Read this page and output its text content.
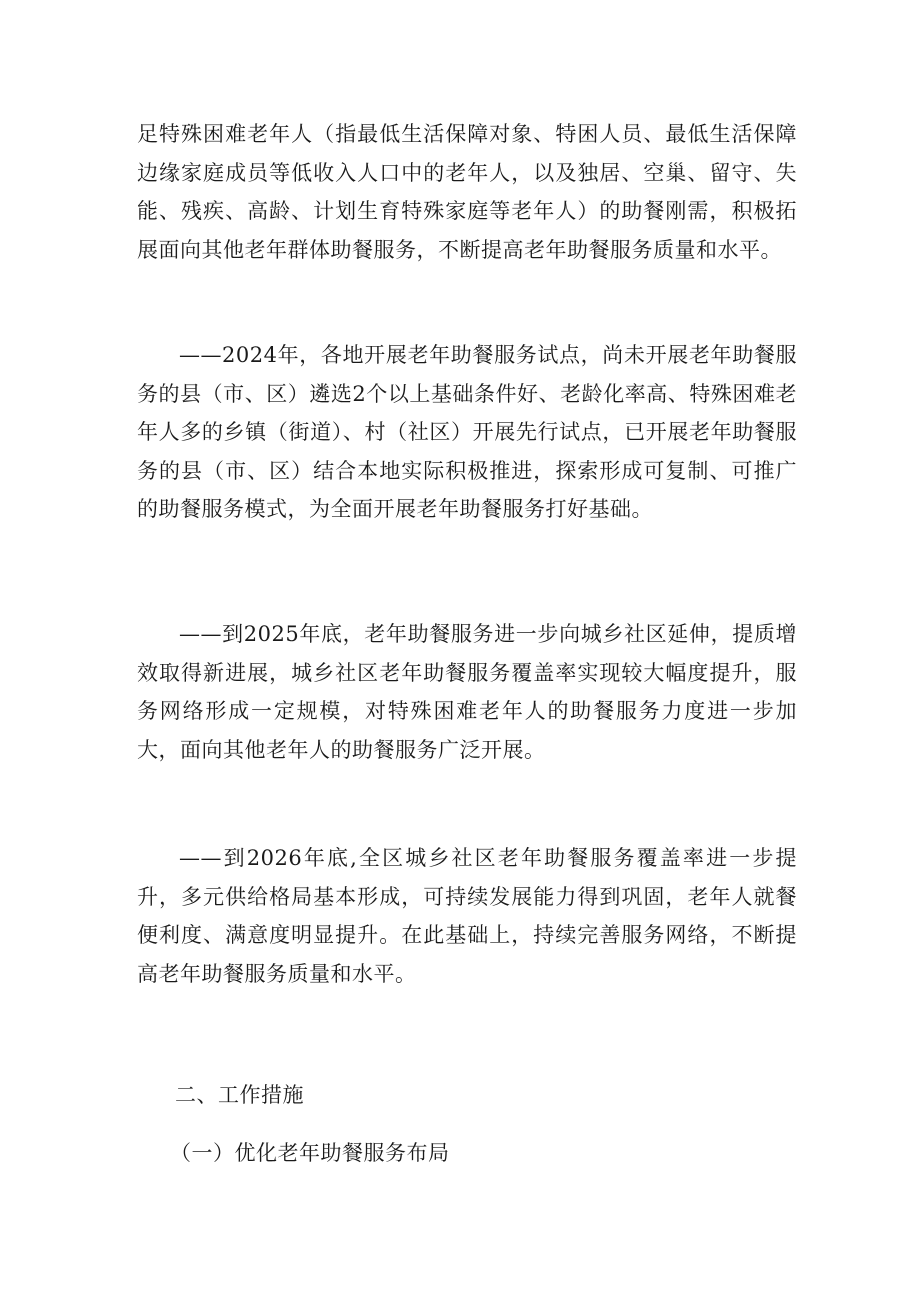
足特殊困难老年人（指最低生活保障对象、特困人员、最低生活保障边缘家庭成员等低收入人口中的老年人，以及独居、空巢、留守、失能、残疾、高龄、计划生育特殊家庭等老年人）的助餐刚需，积极拓展面向其他老年群体助餐服务，不断提高老年助餐服务质量和水平。

——2024年，各地开展老年助餐服务试点，尚未开展老年助餐服务的县（市、区）遴选2个以上基础条件好、老龄化率高、特殊困难老年人多的乡镇（街道）、村（社区）开展先行试点，已开展老年助餐服务的县（市、区）结合本地实际积极推进，探索形成可复制、可推广的助餐服务模式，为全面开展老年助餐服务打好基础。

——到2025年底，老年助餐服务进一步向城乡社区延伸，提质增效取得新进展，城乡社区老年助餐服务覆盖率实现较大幅度提升，服务网络形成一定规模，对特殊困难老年人的助餐服务力度进一步加大，面向其他老年人的助餐服务广泛开展。

——到2026年底,全区城乡社区老年助餐服务覆盖率进一步提升，多元供给格局基本形成，可持续发展能力得到巩固，老年人就餐便利度、满意度明显提升。在此基础上，持续完善服务网络，不断提高老年助餐服务质量和水平。

二、工作措施
（一）优化老年助餐服务布局
